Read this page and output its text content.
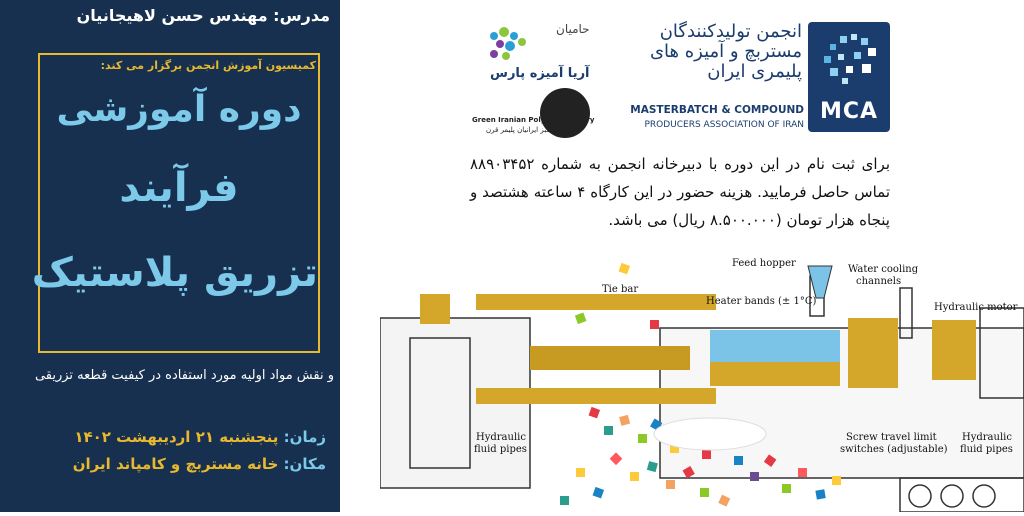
مدرس: مهندس حسن لاهیجانیان
کمیسیون آموزش انجمن برگزار می کند:
دوره آموزشی
فرآیند
تزریق پلاستیک
و نقش مواد اولیه مورد استفاده در کیفیت قطعه تزریقی
زمان: پنجشنبه ۲۱ اردیبهشت ۱۴۰۲
مکان: خانه مستربچ و کامپاند ایران
MCA
انجمن تولیدکنندگان
مستربچ و آمیزه های
پلیمری ایران
MASTERBATCH & COMPOUND
PRODUCERS ASSOCIATION OF IRAN
حامیان
آریا آمیزه پارس
Green Iranian Polymer Century
شرکت سبز ایرانیان پلیمر قرن
برای ثبت نام در این دوره با دبیرخانه انجمن به شماره ۸۸۹۰۳۴۵۲ تماس حاصل فرمایید. هزینه حضور در این کارگاه ۴ ساعته هشتصد و پنجاه هزار تومان (۸.۵۰۰.۰۰۰ ریال) می باشد.
Feed hopper
Water cooling
channels
Tie bar
Heater bands (± 1°C)
Hydraulic motor
Hydraulic
fluid pipes
Screw travel limit
switches (adjustable)
Hydraulic
fluid pipes
